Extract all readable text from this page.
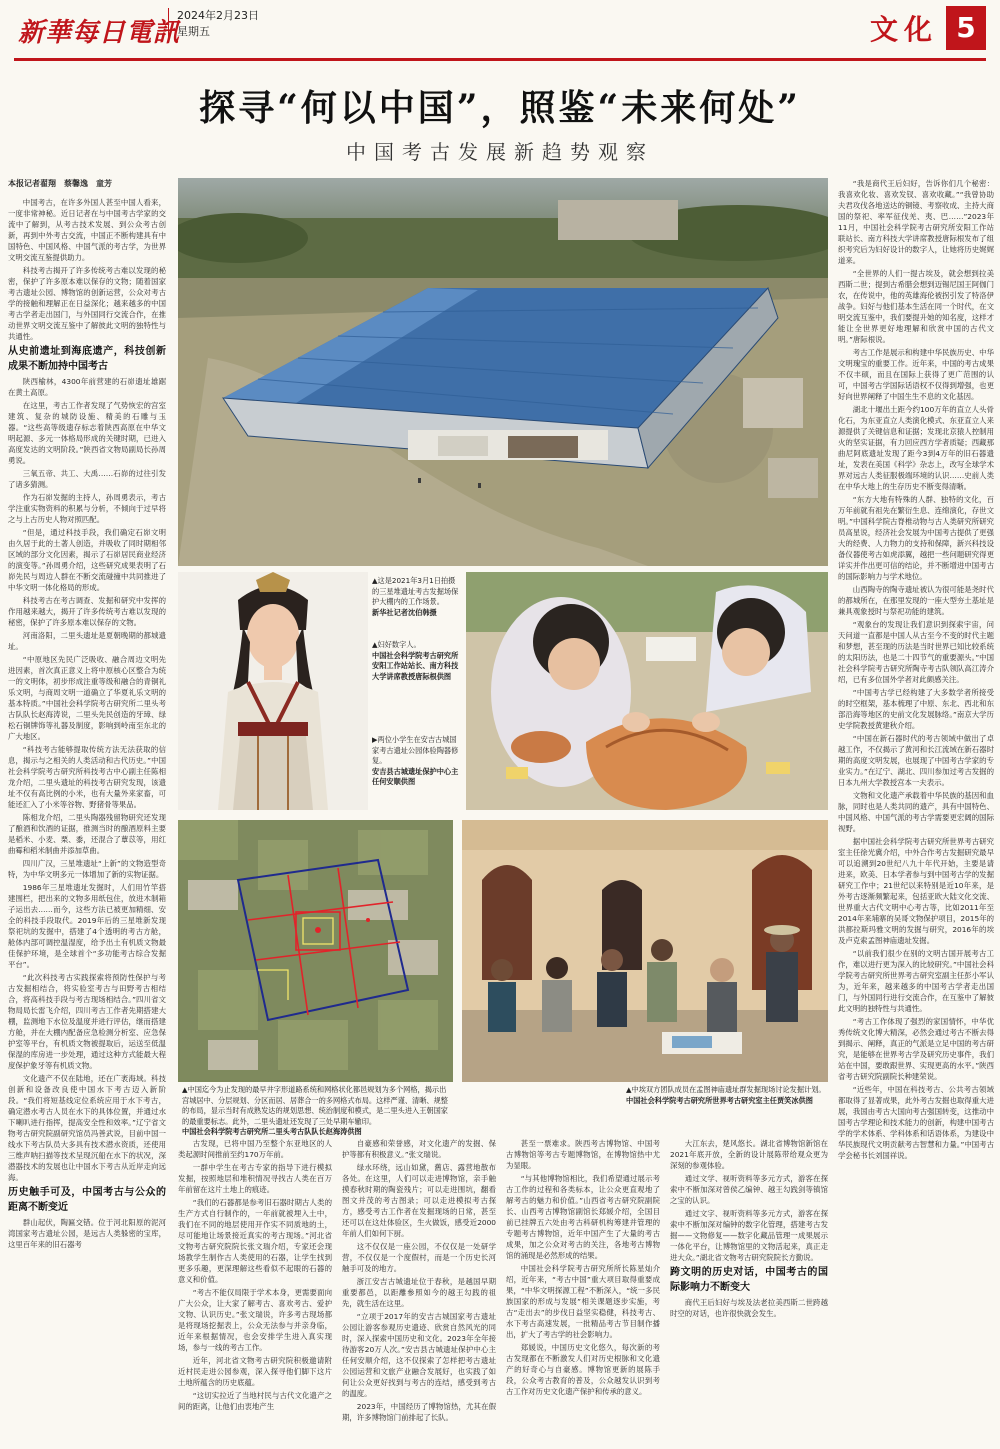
新華每日電訊
2024年2月23日
星期五	文化 5
探寻“何以中国”，照鉴“未来何处”
中国考古发展新趋势观察
本报记者翟翔　蔡馨逸　童芳

中国考古，在许多外国人甚至中国人看来，一度非常神秘。近日记者在与中国考古学家的交流中了解到，从考古技术发展、到公众考古创新，再到中外考古交流，中国正不断构建具有中国特色、中国风格、中国气派的考古学，为世界文明交流互鉴提供助力。

科技考古揭开了许多传统考古难以发现的秘密，保护了许多原本难以保存的文物；随着国家考古遗址公园、博物馆的创新运营，公众对考古学的接触和理解正在日益深化；越来越多的中国考古学者走出国门，与外国同行交流合作，在推动世界文明交流互鉴中了解彼此文明的独特性与共通性。

从史前遗址到海底遗产，科技创新成果不断加持中国考古

陕西榆林，4300年前营建的石峁遗址雄踞在黄土高原。

在这里，考古工作者发现了气势恢宏的宫室建筑、复杂的城防设施、精美的石雕与玉器。“这些高等级遗存标志着陕西高原在中华文明起源、多元一体格局形成的关键时期，已进入高度发达的文明阶段。”陕西省文物局副局长孙周勇说。

三氧五帝、共工、大禹……石峁的过往引发了诸多猜测。

作为石峁发掘的主持人，孙周勇表示，考古学注重实物资料的积累与分析，不倾向于过早将之与上古历史人物对照匹配。

“但是，通过科技手段，我们确定石峁文明由久居于此的土著人创造，并吸收了同时期相邻区域的部分文化因素，揭示了石峁居民商业经济的演变等。”孙周勇介绍，这些研究成果表明了石峁先民与周边人群在不断交流碰撞中共同推进了中华文明一体化格局的形成。

科技考古在考古调查、发掘和研究中发挥的作用越来越大，揭开了许多传统考古难以发现的秘密，保护了许多原本难以保存的文物。

河南洛阳，二里头遗址是夏朝晚期的都城遗址。

“中原地区先民广泛吸收、融合周边文明先进因素，首次真正意义上将中原核心区整合为统一的文明体，初步形成注重等级和融合的青铜礼乐文明，与商周文明一道确立了华夏礼乐文明的基本特质。”中国社会科学院考古研究所二里头考古队队长赵海涛说，二里头先民创造的牙璋、绿松石铜牌饰等礼器及制度，影响到岭南至东北的广大地区。

“科技考古能够提取传统方法无法获取的信息，揭示与之相关的人类活动和古代历史。”中国社会科学院考古研究所科技考古中心副主任陈相龙介绍，二里头遗址的科技考古研究发现，该遗址不仅有高比例的小米，也有大量外来家畜，可能还汇入了小米等谷物、野猪骨等果品。

陈相龙介绍，二里头陶器残留物研究还发现了酿酒和饮酒的证据，推测当时的酿酒原料主要是稻米、小麦、栗、黍，还混合了蕈苡等，用红曲霉和稻米制曲并添加草曲。

四川广汉，三星堆遗址“上新”的文物造型奇特，为中华文明多元一体增加了新的实物证据。

1986年三星堆遗址发掘时，人们用竹竿搭建围栏，把出来的文物多用纸包住，放进木制箱子运出去……而今，这些方法已被更加精细、安全的科技手段取代。2019年后的三星堆新发现祭祀坑的发掘中，搭建了4个透明的考古方舱，舱体内部可调控温湿度，给予出土有机质文物最佳保护环境，是全球首个“多功能考古综合发掘平台”。

“此次科技考古实践探索将预防性保护与考古发掘相结合，将实验室考古与田野考古相结合，将高科技手段与考古现场相结合。”四川省文物局局长雷飞介绍，四川考古工作者先期搭建大棚，监测地下水位及温度并进行评估，继而搭建方舱，并在大棚内配备应急检测分析室、应急保护室等平台，有机质文物被提取后，运送至低温保湿的库房进一步处理，通过这种方式能最大程度保护象牙等有机质文物。

文化遗产不仅在陆地，还在广袤海域。科技创新和设备改良使中国水下考古迈入新阶段。“我们将短基线定位系统应用于水下考古，确定潜水考古人员在水下的具体位置，并通过水下喇叭进行指挥，提高安全性和效率。”辽宁省文物考古研究院副研究馆员冯善武说，目前中国一线水下考古队员大多具有技术潜水资质，还使用三维声呐扫描等技术呈现沉船在水下的状况，深潜器技术的发展也让中国水下考古从近岸走向远海。

历史触手可及，中国考古与公众的距离不断变近

群山起伏，陶匾交错。位于河北阳原的泥河湾国家考古遗址公园，是远古人类躲密的宝库，这里百年来的旧石器考

“我是商代王后妇好，告诉你们几个秘密：我喜欢化妆、喜欢发钗、喜欢收藏。”“我曾协助夫君攻伐各地送达的铜镜、考察收成、主持大商国的祭祀、率军征伐羌、夷、巴……”2023年11月，中国社会科学院考古研究所安阳工作站联站长、南方科技大学讲席教授唐际根发布了组织考究后为妇好设计的数字人，让她将历史娓娓道来。

“全世界的人们一提古埃及，就会想到拉美西斯二世；提到古希腊会想到迈锡尼国王阿伽门农，在传说中，他的英雄海伦被拐引发了特洛伊战争。妇好与他们基本生活在同一个时代，在文明交流互鉴中，我们要提升她的知名度，这样才能让全世界更好地理解和欣赏中国的古代文明。”唐际根说。

考古工作是展示和构建中华民族历史、中华文明瑰宝的重要工作。近年来，中国的考古成果不仅丰硕，而且在国际上获得了更广范围的认可，中国考古学国际话语权不仅得到增强，也更好向世界阐释了中国生生不息的文化基因。

湖北十堰出土距今约100万年的直立人头骨化石，为东亚直立人类演化模式、东亚直立人来源提供了关键信息和证据；发现北京猿人控制用火的坚实证据，有力回应西方学者质疑；西藏那曲尼阿底遗址发现了距今3到4万年的旧石器遗址，发表在美国《科学》杂志上，改写全球学术界对远古人类征服极端环境的认识……史前人类在中华大地上的生存历史不断变得清晰。

“东方大地有特殊的人群、独特的文化，百万年前就有祖先在繁衍生息、连绵演化，存世文明。”中国科学院古脊椎动物与古人类研究所研究员高星说，经济社会发展为中国考古提供了更强大的经费、人力物力的支持和保障，新兴科技设备仪器使考古如虎添翼，越把一些问题研究得更详实并作出更可信的结论，并不断增进中国考古的国际影响力与学术地位。

山西陶寺的陶寺遗址被认为很可能是尧时代的都城所在，在那里发现的一座大型夯土基址是兼具观象授时与祭祀功能的建筑。

“观象台的发现让我们意识到探索宇宙，问天问道一直都是中国人从古至今不变的时代主题和梦想，甚至现的历法是当时世界已知比较系统的太阳历法，也是二十四节气的重要源头。”中国社会科学院考古研究所陶寺考古队领队高江涛介绍，已有多位国外学者对此颇感关注。

“中国考古学已经构建了大多数学者所接受的时空框架，基本梳理了中原、东北、西北和东部沿海等地区的史前文化发展脉络。”南京大学历史学院教授黄建秋介绍。

“中国在新石器时代的考古领域中做出了卓越工作，不仅揭示了黄河和长江流域在新石器时期的高度文明发展，也展现了中国考古学家的专业实力。”在辽宁、湖北、四川参加过考古发掘的日本九州大学教授宫本一夫表示。

文物和文化遗产承载着中华民族的基因和血脉，同时也是人类共同的遗产，具有中国特色、中国风格、中国气派的考古学需要更宏阔的国际视野。

据中国社会科学院考古研究所世界考古研究室主任徐光冀介绍，中外合作考古发掘研究最早可以追溯到20世纪八九十年代开始，主要是请进来，欧美、日本学者参与到中国考古学的发掘研究工作中；21世纪以来特别是近10年来，是外考古逐渐频繁起来，包括亚欧大陆文化交流、世界重大古代文明中心考古等，比如2011年至2014年来埔寨的吴哥文物保护项目，2015年的洪都拉斯玛雅文明的发掘与研究，2016年的埃及卢克索孟图神庙遗址发掘。

“以前我们很少在别的文明古国开展考古工作，难以进行更为深入的比较研究。”中国社会科学院考古研究所世界考古研究室副主任彭小军认为，近年来，越来越多的中国考古学者走出国门，与外国同行进行交流合作，在互鉴中了解彼此文明的独特性与共通性。

“考古工作体现了强烈的家国情怀，中华优秀传统文化博大精深，必然会通过考古不断去得到揭示、阐释，真正的气派是立足中国的考古研究，是能够在世界考古学及研究历史事件，我们站在中国，要敢跟世界、实现更高的水平。”陕西省考古研究院副院长种建荣说。

“近些年，中国在科技考古、公共考古领域都取得了显著成果，此外考古发掘也取得重大进展，我国由考古大国向考古强国转变，这推动中国考古学理论和技术能力的创新，构建中国考古学的学术体系、学科体系和话语体系，为建设中华民族现代文明贡献考古智慧和力量。”中国考古学会秘书长刘国祥说。

▲这是2021年3月1日拍摄的三星堆遗址考古发掘场保护大棚内的工作场景。
新华社记者沈伯韩摄
▲妇好数字人。
中国社会科学院考古研究所安阳工作站站长、南方科技大学讲席教授唐际根供图
▶两位小学生在安吉古城国家考古遗址公园体验陶器修复。
安吉县古城遗址保护中心主任何安顺供图
▲中国迄今为止发现的最早井字形道路系统和网格状化都邑规划为多个网格，揭示出宫城居中、分层规划、分区而居、居葬合一的多网格式布局。这样严谨、清晰、规整的布局，显示当时有成熟发达的规划思想、统治制度和模式，是二里头进入王朝国家的最重要标志。此外，二里头遗址还发现了三处早期车辙印。
中国社会科学院考古研究所二里头考古队队长赵海涛供图
▲中埃双方团队成员在孟图神庙遗址群发掘现场讨论发掘计划。
中国社会科学院考古研究所世界考古研究室主任贾笑冰供图

古发现，已将中国乃至整个东亚地区的人类起源时间推前至约170万年前。

一群中学生在考古专家的指导下进行模拟发掘，按照地层和堆积情况寻找古人类在百万年前留在这片土地上的痕迹。

“我们的石器都是参考旧石器时期古人类的生产方式自行制作的，一年前就被埋入土中，我们在不同的地层使用开作实不同质地的土，尽可能地让场景接近真实的考古现场。”河北省文物考古研究院院长张文瑞介绍，专家还会现场教学生制作古人类使用的石器，让学生找到更多乐趣，更深理解这些看似不起眼的石器的意义和价值。

“考古不能仅局限于学术本身，更需要面向广大公众，让大家了解考古、喜欢考古、爱护文物、认识历史。”张文瑞说，许多考古现场都是将现场挖掘表上，公众无法参与并亲身临，近年来根据情况，也会安排学生进入真实现场，参与一线的考古工作。

近年，河北省文物考古研究院积极邀请附近村民走进公园参观，深入探寻他们脚下这片土地所蕴含的历史底蕴。

“这切实拉近了当地村民与古代文化遗产之间的距离，让他们由衷地产生

自豪感和荣誉感，对文化遗产的发掘、保护等都有积极意义。”张文瑞说。

绿水环绕，远山如黛，舊店、露营地散布各处。在这里，人们可以走进博物馆，亲手触摸春秋时期的陶瓷残片；可以走进围坑，翻看图文并茂的考古图录；可以走进模拟考古探方，感受考古工作者在发掘现场的日常，甚至还可以在这灶体验区，生火做饭，感受近2000年前人们如何下厨。

这不仅仅是一座公园，不仅仅是一处研学营，不仅仅是一个度假村，而是一个历史长河触手可及的地方。

浙江安吉古城遗址位于春秋，是越国早期重要都邑，以距離參照如今的越王勾践的祖先，就生活在这里。

“立项于2017年的安吉古城国家考古遗址公园让游客参观历史遗迹、欣赏自然风光的同时，深入探索中国历史和文化。2023年全年接待游客20万人次。”安吉县古城遗址保护中心主任何安顺介绍，这不仅探索了怎样把考古遗址公园运营和文旅产业融合发展好，也实践了如何让公众更好找到与考古的连结，感受到考古的温度。

2023年，中国经历了博物馆热，尤其在假期，许多博物馆门前排起了长队。

甚至一票难求。陕西考古博物馆、中国考古博物馆等考古专题博物馆，在博物馆热中尤为显眼。

“与其他博物馆相比，我们希望通过展示考古工作的过程和各类标本，让公众更直观地了解考古的魅力和价值。”山西省考古研究院副院长、山西考古博物馆副馆长郑媛介绍，全国目前已挂牌五六处由考古科研机构筹建并管理的专题考古博物馆，近年中国产生了大量的考古成果，加之公众对考古的关注，各地考古博物馆的涌现是必然形成的结果。

中国社会科学院考古研究所所长陈星灿介绍，近年来，“考古中国”重大项目取得重要成果，“中华文明探源工程”不断深入，“统一多民族国家的形成与发展”相关课题逐步实施，考古“走出去”的步伐日益坚实稳健，科技考古、水下考古高速发展，一批精品考古节目制作播出，扩大了考古学的社会影响力。

郑媛说，中国历史文化悠久，每次新的考古发现都在不断激发人们对历史根脉和文化遗产的好奇心与自豪感。博物馆更新的展陈手段，公众考古教育的普及，公众越发认识到考古工作对历史文化遗产保护和传承的意义。

大江东去，楚风悠长。湖北省博物馆新馆在2021年底开放，全新的设计展陈带给观众更为深刻的参观体验。

通过文学、视听资料等多元方式，游客在探索中不断加深对曾侯乙编钟、越王勾践剑等镇馆之宝的认识。

通过文字、视听资料等多元方式，游客在探索中不断加深对编钟的数字化管理，搭建考古发掘——文物修复——数字化藏品管理一成果展示一体化平台，让博物馆里的文物活起来，真正走进大众。”湖北省文物考古研究院院长方勤说。

跨文明的历史对话，中国考古的国际影响力不断变大

商代王后妇好与埃及法老拉美西斯二世跨越时空的对话，也许很快就会发生。
